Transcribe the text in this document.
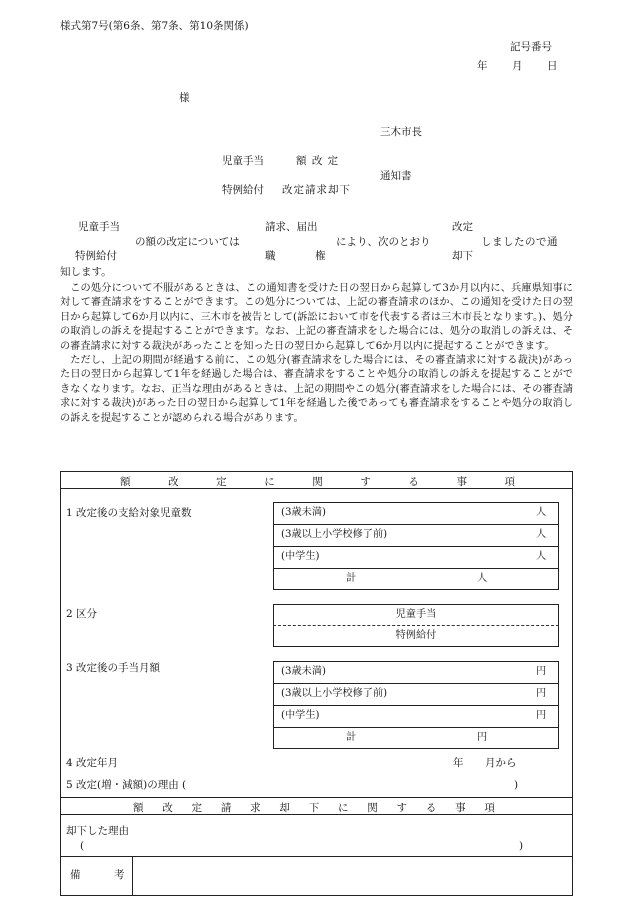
様式第7号(第6条、第7条、第10条関係)
記号番号
年 月 日
様
三木市長
児童手当	額 改 定
通知書
特例給付 改定請求却下
児童手当
特例給付
の額の改定については
請求、届出
職	権
により、次のとおり
改定
却下
しましたので通
知します。

この処分について不服があるときは、この通知書を受けた日の翌日から起算して3か月以内に、兵庫県知事に対して審査請求をすることができます。この処分については、上記の審査請求のほか、この通知を受けた日の翌日から起算して6か月以内に、三木市を被告として(訴訟において市を代表する者は三木市長となります。)、処分の取消しの訴えを提起することができます。なお、上記の審査請求をした場合には、処分の取消しの訴えは、その審査請求に対する裁決があったことを知った日の翌日から起算して6か月以内に提起することができます。

ただし、上記の期間が経過する前に、この処分(審査請求をした場合には、その審査請求に対する裁決)があった日の翌日から起算して1年を経過した場合は、審査請求をすることや処分の取消しの訴えを提起することができなくなります。なお、正当な理由があるときは、上記の期間やこの処分(審査請求をした場合には、その審査請求に対する裁決)があった日の翌日から起算して1年を経過した後であっても審査請求をすることや処分の取消しの訴えを提起することが認められる場合があります。

額	改	定	に	関	す	る	事	項
1 改定後の支給対象児童数	(3歳未満)	人
(3歳以上小学校修了前)	人
(中学生)	人
計	人
2 区分	児童手当
特例給付
3 改定後の手当月額	(3歳未満)	円
(3歳以上小学校修了前)	円
(中学生)	円
計	円
4 改定年月	年 月から
5 改定(増・減額)の理由 (	)
額 改 定 請 求 却 下 に 関 す る 事 項
却下した理由
(	)
備	考
